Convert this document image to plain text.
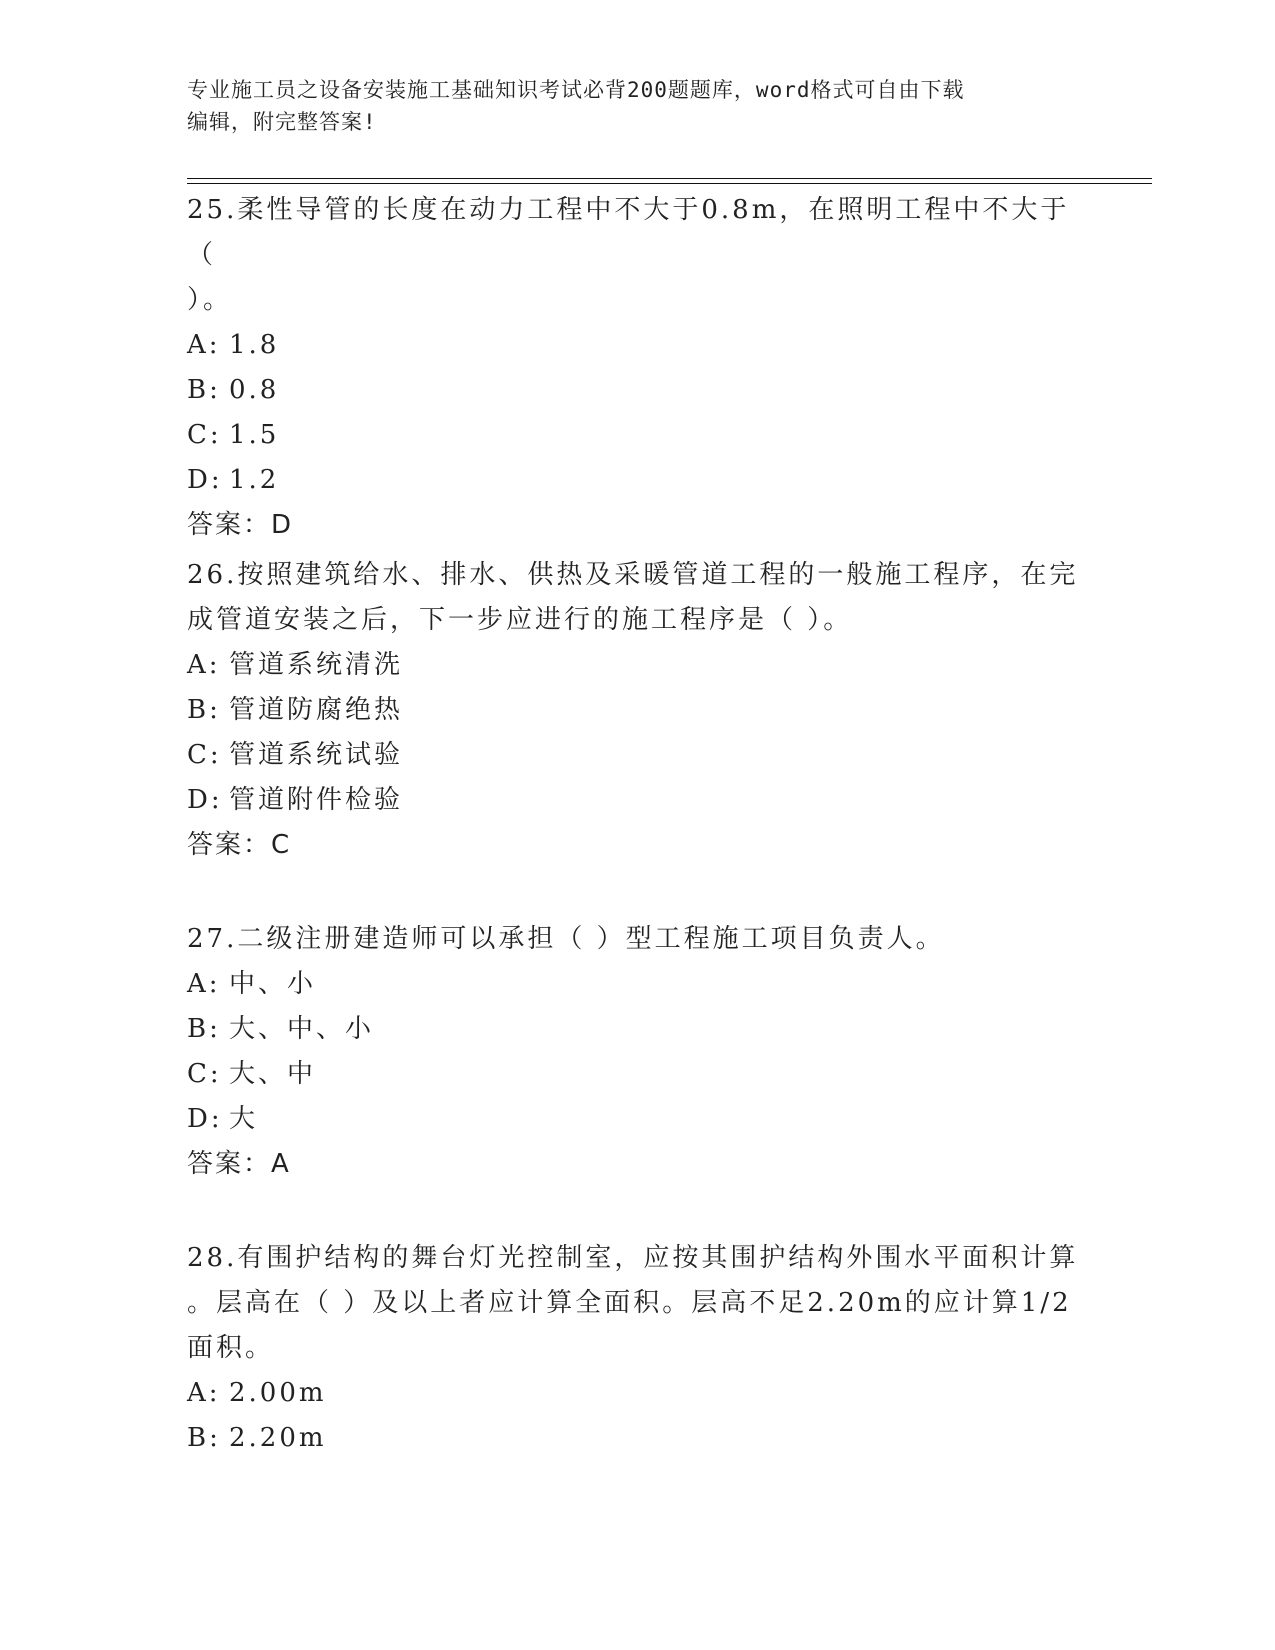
专业施工员之设备安装施工基础知识考试必背200题题库，word格式可自由下载
编辑，附完整答案!

25.柔性导管的长度在动力工程中不大于0.8m，在照明工程中不大于（

）。

A: 1.8

B: 0.8

C: 1.5

D: 1.2

答案：D

26.按照建筑给水、排水、供热及采暖管道工程的一般施工程序，在完

成管道安装之后，下一步应进行的施工程序是（ ）。

A: 管道系统清洗

B: 管道防腐绝热

C: 管道系统试验

D: 管道附件检验

答案：C

27.二级注册建造师可以承担（ ）型工程施工项目负责人。

A: 中、小

B: 大、中、小

C: 大、中

D: 大

答案：A

28.有围护结构的舞台灯光控制室，应按其围护结构外围水平面积计算

。层高在（ ）及以上者应计算全面积。层高不足2.20m的应计算1/2

面积。

A: 2.00m

B: 2.20m
